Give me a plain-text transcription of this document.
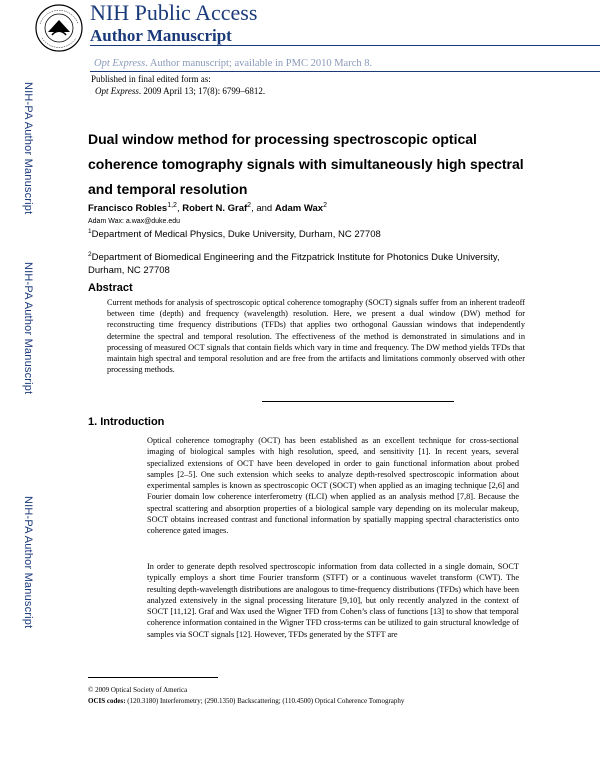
NIH Public Access
Author Manuscript
Opt Express. Author manuscript; available in PMC 2010 March 8.
Published in final edited form as:
Opt Express. 2009 April 13; 17(8): 6799–6812.
NIH-PA Author Manuscript
NIH-PA Author Manuscript
NIH-PA Author Manuscript
Dual window method for processing spectroscopic optical coherence tomography signals with simultaneously high spectral and temporal resolution
Francisco Robles$^{1,2}$, Robert N. Graf$^2$, and Adam Wax$^2$
Adam Wax: a.wax@duke.edu
$^1$Department of Medical Physics, Duke University, Durham, NC 27708
$^2$Department of Biomedical Engineering and the Fitzpatrick Institute for Photonics Duke University, Durham, NC 27708
Abstract
Current methods for analysis of spectroscopic optical coherence tomography (SOCT) signals suffer from an inherent tradeoff between time (depth) and frequency (wavelength) resolution. Here, we present a dual window (DW) method for reconstructing time frequency distributions (TFDs) that applies two orthogonal Gaussian windows that independently determine the spectral and temporal resolution. The effectiveness of the method is demonstrated in simulations and in processing of measured OCT signals that contain fields which vary in time and frequency. The DW method yields TFDs that maintain high spectral and temporal resolution and are free from the artifacts and limitations commonly observed with other processing methods.
1. Introduction
Optical coherence tomography (OCT) has been established as an excellent technique for cross-sectional imaging of biological samples with high resolution, speed, and sensitivity [1]. In recent years, several specialized extensions of OCT have been developed in order to gain functional information about probed samples [2–5]. One such extension which seeks to analyze depth-resolved spectroscopic information about experimental samples is known as spectroscopic OCT (SOCT) when applied as an imaging technique [2,6] and Fourier domain low coherence interferometry (fLCI) when applied as an analysis method [7,8]. Because the spectral scattering and absorption properties of a biological sample vary depending on its molecular makeup, SOCT obtains increased contrast and functional information by spatially mapping spectral characteristics onto coherence gated images.
In order to generate depth resolved spectroscopic information from data collected in a single domain, SOCT typically employs a short time Fourier transform (STFT) or a continuous wavelet transform (CWT). The resulting depth-wavelength distributions are analogous to time-frequency distributions (TFDs) which have been analyzed extensively in the signal processing literature [9,10], but only recently analyzed in the context of SOCT [11,12]. Graf and Wax used the Wigner TFD from Cohen’s class of functions [13] to show that temporal coherence information contained in the Wigner TFD cross-terms can be utilized to gain structural knowledge of samples via SOCT signals [12]. However, TFDs generated by the STFT are
© 2009 Optical Society of America
OCIS codes: (120.3180) Interferometry; (290.1350) Backscattering; (110.4500) Optical Coherence Tomography
